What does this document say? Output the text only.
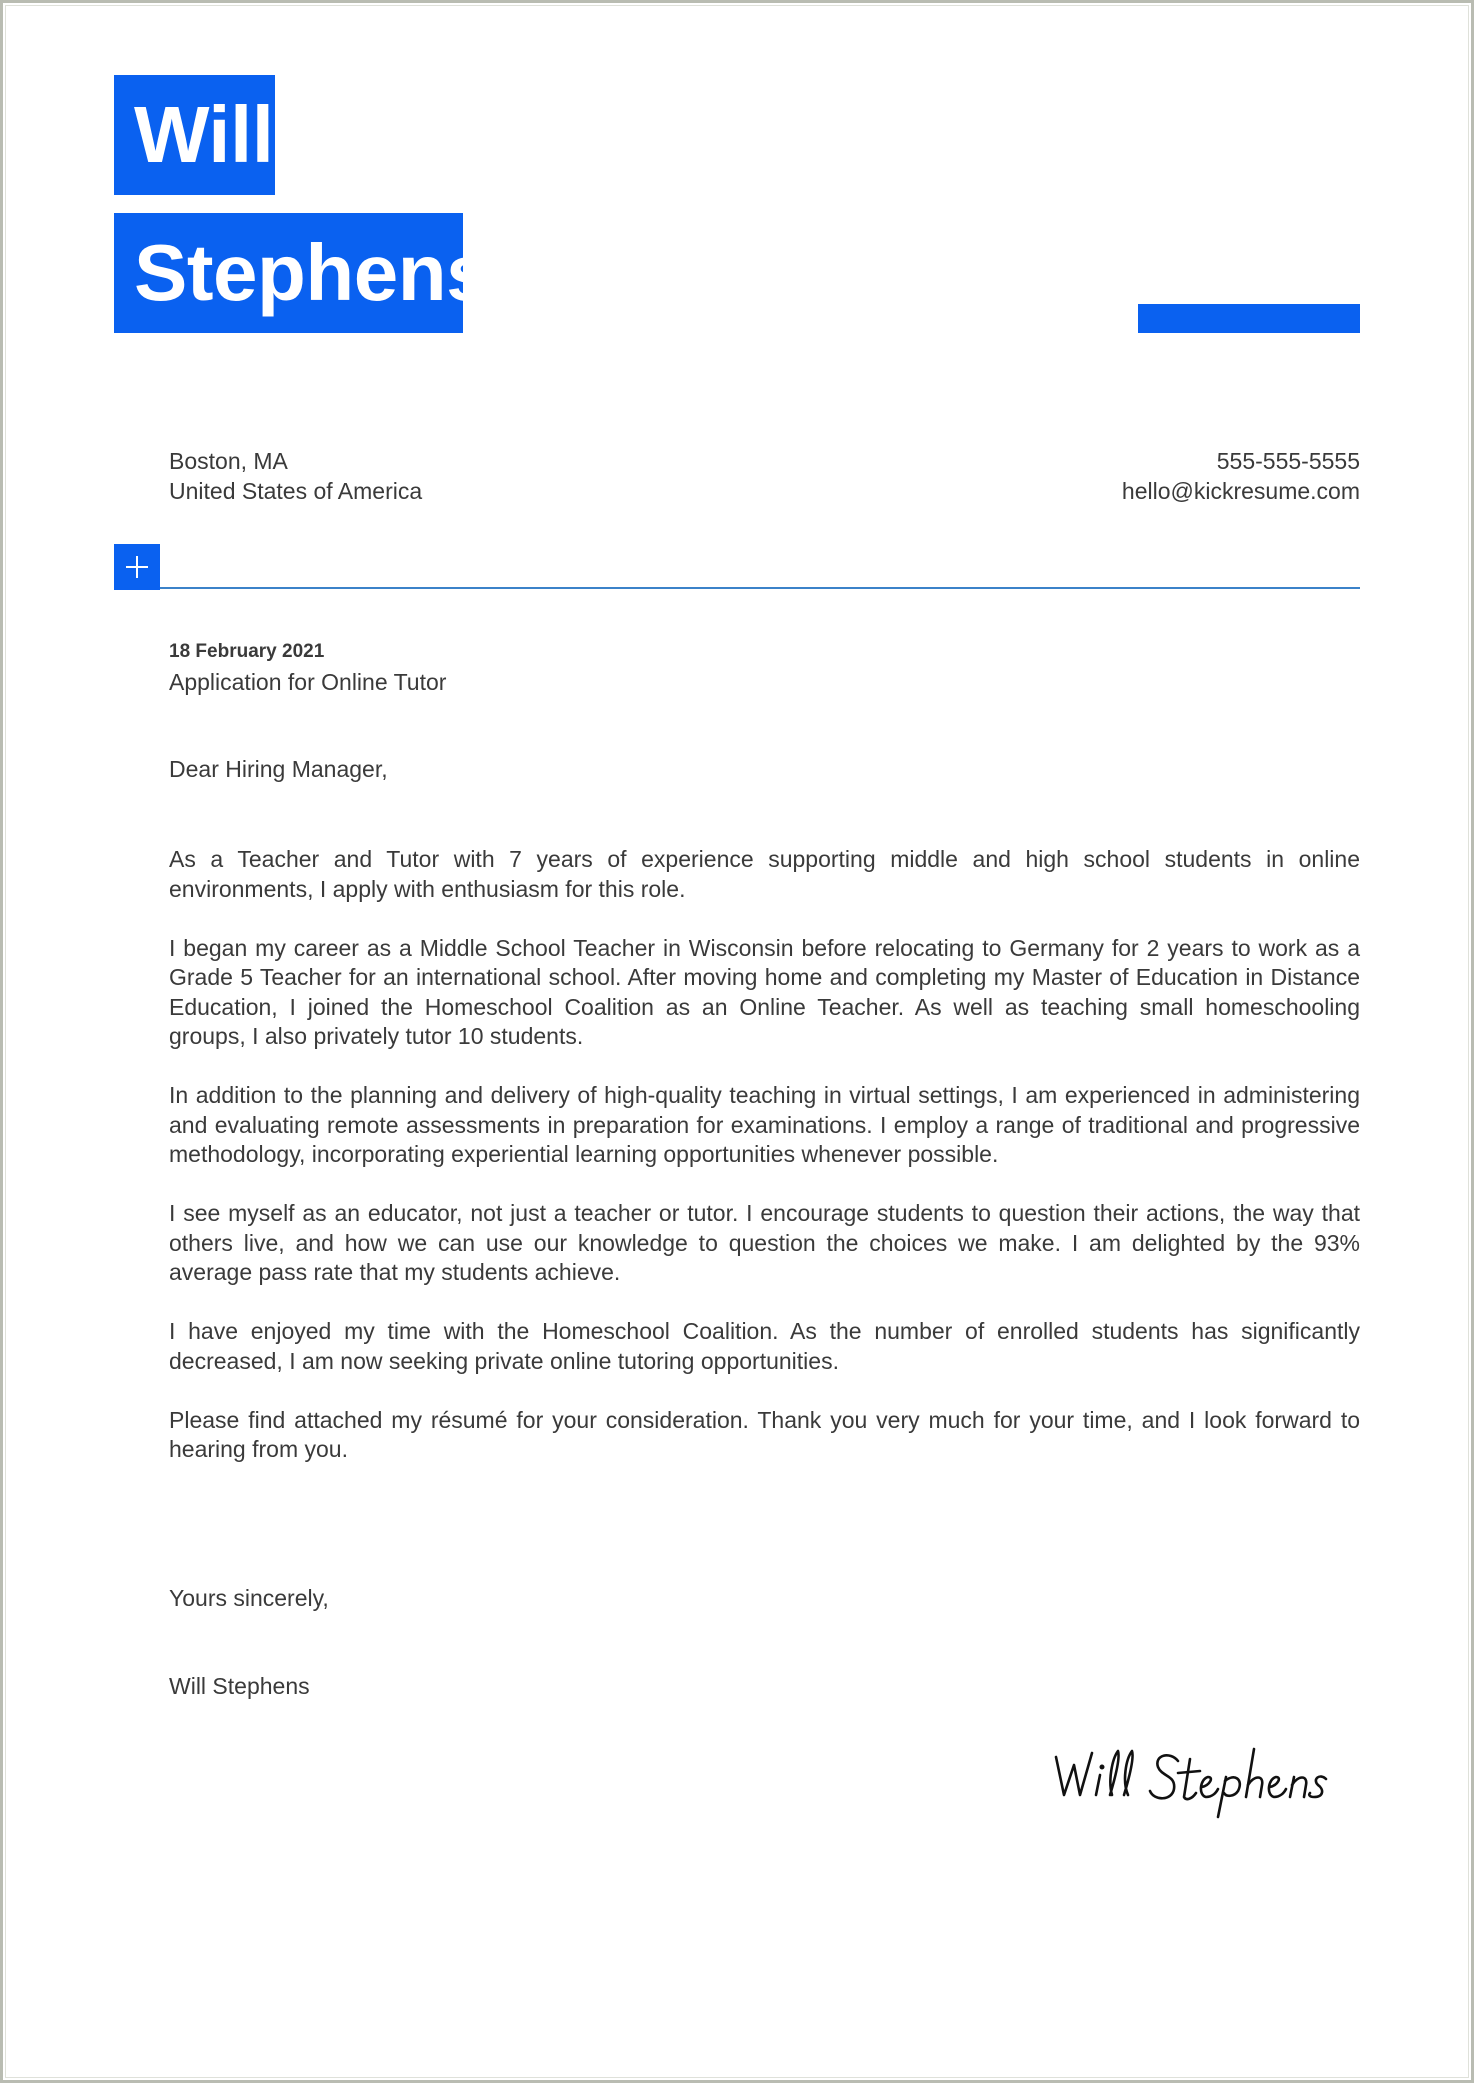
Will
Stephens
Boston, MA
United States of America
555-555-5555
hello@kickresume.com
18 February 2021
Application for Online Tutor
Dear Hiring Manager,

As a Teacher and Tutor with 7 years of experience supporting middle and high school students in online environments, I apply with enthusiasm for this role.

I began my career as a Middle School Teacher in Wisconsin before relocating to Germany for 2 years to work as a Grade 5 Teacher for an international school. After moving home and completing my Master of Education in Distance Education, I joined the Homeschool Coalition as an Online Teacher. As well as teaching small homeschooling groups, I also privately tutor 10 students.

In addition to the planning and delivery of high-quality teaching in virtual settings, I am experienced in administering and evaluating remote assessments in preparation for examinations. I employ a range of traditional and progressive methodology, incorporating experiential learning opportunities whenever possible.

I see myself as an educator, not just a teacher or tutor. I encourage students to question their actions, the way that others live, and how we can use our knowledge to question the choices we make. I am delighted by the 93% average pass rate that my students achieve.

I have enjoyed my time with the Homeschool Coalition. As the number of enrolled students has significantly decreased, I am now seeking private online tutoring opportunities.

Please find attached my résumé for your consideration. Thank you very much for your time, and I look forward to hearing from you.

Yours sincerely,
Will Stephens
